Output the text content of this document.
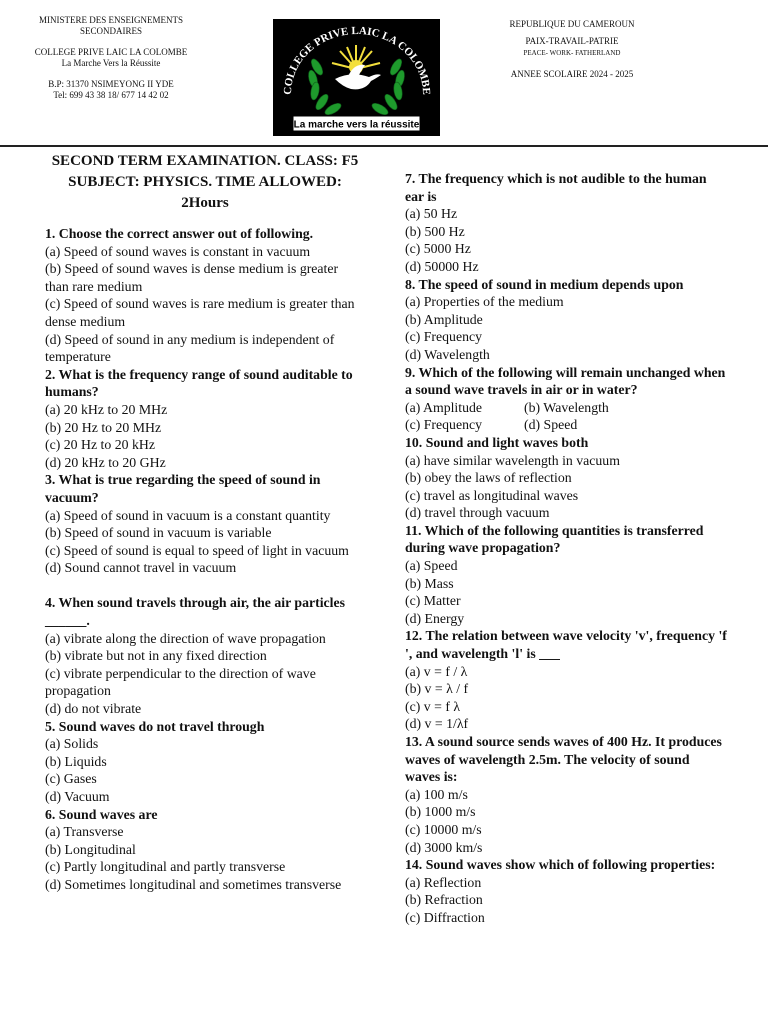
MINISTERE DES ENSEIGNEMENTS
SECONDAIRES
COLLEGE PRIVE LAIC LA COLOMBE
La Marche Vers la Réussite
B.P: 31370 NSIMEYONG II YDE
Tel: 699 43 38 18/ 677 14 42 02	COLLEGE PRIVE LAIC LA COLOMBE
La marche vers la réussite
REPUBLIQUE DU CAMEROUN
PAIX-TRAVAIL-PATRIE
PEACE- WORK- FATHERLAND
ANNEE SCOLAIRE 2024 - 2025
SECOND TERM EXAMINATION. CLASS: F5
SUBJECT: PHYSICS. TIME ALLOWED:
2Hours
1. Choose the correct answer out of following.
(a) Speed of sound waves is constant in vacuum
(b) Speed of sound waves is dense medium is greater than rare medium
(c) Speed of sound waves is rare medium is greater than dense medium
(d) Speed of sound in any medium is independent of temperature
2. What is the frequency range of sound auditable to humans?
(a) 20 kHz to 20 MHz
(b) 20 Hz to 20 MHz
(c) 20 Hz to 20 kHz
(d) 20 kHz to 20 GHz
3. What is true regarding the speed of sound in vacuum?
(a) Speed of sound in vacuum is a constant quantity
(b) Speed of sound in vacuum is variable
(c) Speed of sound is equal to speed of light in vacuum
(d) Sound cannot travel in vacuum
4. When sound travels through air, the air particles ______.
(a) vibrate along the direction of wave propagation
(b) vibrate but not in any fixed direction
(c) vibrate perpendicular to the direction of wave propagation
(d) do not vibrate
5. Sound waves do not travel through
(a) Solids
(b) Liquids
(c) Gases
(d) Vacuum
6. Sound waves are
(a) Transverse
(b) Longitudinal
(c) Partly longitudinal and partly transverse
(d) Sometimes longitudinal and sometimes transverse
7. The frequency which is not audible to the human ear is
(a) 50 Hz
(b) 500 Hz
(c) 5000 Hz
(d) 50000 Hz
8. The speed of sound in medium depends upon
(a) Properties of the medium
(b) Amplitude
(c) Frequency
(d) Wavelength
9. Which of the following will remain unchanged when a sound wave travels in air or in water?
(a) Amplitude	(b) Wavelength
(c) Frequency	(d) Speed
10. Sound and light waves both
(a) have similar wavelength in vacuum
(b) obey the laws of reflection
(c) travel as longitudinal waves
(d) travel through vacuum
11. Which of the following quantities is transferred during wave propagation?
(a) Speed
(b) Mass
(c) Matter
(d) Energy
12. The relation between wave velocity 'v', frequency 'f ', and wavelength 'l' is ___
(a) v = f / λ
(b) v = λ / f
(c) v = f λ
(d) v = 1/λf
13. A sound source sends waves of 400 Hz. It produces waves of wavelength 2.5m. The velocity of sound waves is:
(a) 100 m/s
(b) 1000 m/s
(c) 10000 m/s
(d) 3000 km/s
14. Sound waves show which of following properties:
(a) Reflection
(b) Refraction
(c) Diffraction
